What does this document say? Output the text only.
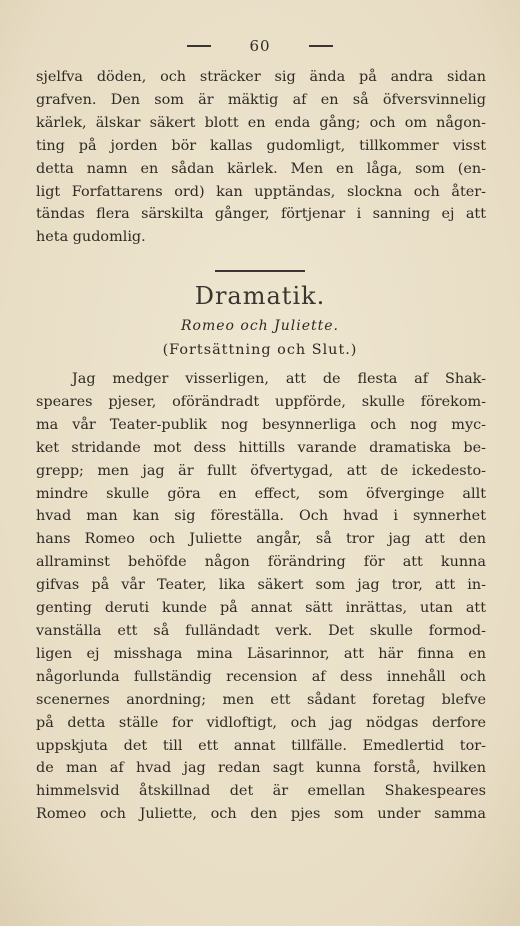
60
sjelfva döden, och sträcker sig ända på andra sidan
grafven. Den som är mäktig af en så öfversvinnelig
kärlek, älskar säkert blott en enda gång; och om någon-
ting på jorden bör kallas gudomligt, tillkommer visst
detta namn en sådan kärlek. Men en låga, som (en-
ligt Forfattarens ord) kan upptändas, slockna och åter-
tändas flera särskilta gånger, förtjenar i sanning ej att
heta gudomlig.
Dramatik.
Romeo och Juliette.
(Fortsättning och Slut.)
Jag medger visserligen, att de flesta af Shak-
speares pjeser, oförändradt uppförde, skulle förekom-
ma vår Teater-publik nog besynnerliga och nog myc-
ket stridande mot dess hittills varande dramatiska be-
grepp; men jag är fullt öfvertygad, att de ickedesto-
mindre skulle göra en effect, som öfverginge allt
hvad man kan sig föreställa. Och hvad i synnerhet
hans Romeo och Juliette angår, så tror jag att den
allraminst behöfde någon förändring för att kunna
gifvas på vår Teater, lika säkert som jag tror, att in-
genting deruti kunde på annat sätt inrättas, utan att
vanställa ett så fulländadt verk. Det skulle formod-
ligen ej misshaga mina Läsarinnor, att här finna en
någorlunda fullständig recension af dess innehåll och
scenernes anordning; men ett sådant foretag blefve
på detta ställe for vidloftigt, och jag nödgas derfore
uppskjuta det till ett annat tillfälle. Emedlertid tor-
de man af hvad jag redan sagt kunna forstå, hvilken
himmelsvid åtskillnad det är emellan Shakespeares
Romeo och Juliette, och den pjes som under samma
